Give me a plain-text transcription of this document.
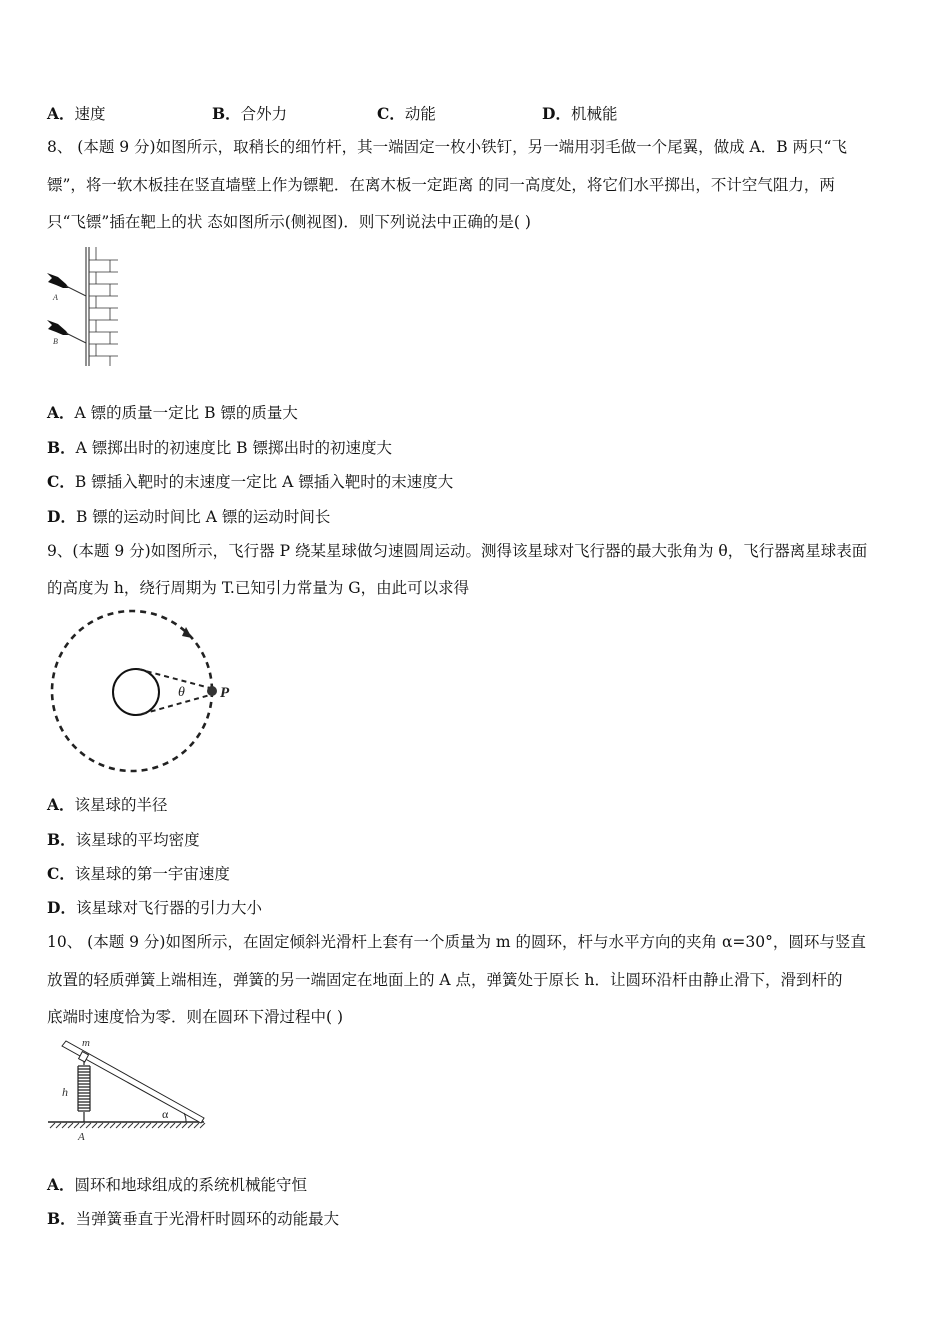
A．速度	B．合外力	C．动能	D．机械能
8、 (本题 9 分)如图所示，取稍长的细竹杆，其一端固定一枚小铁钉，另一端用羽毛做一个尾翼，做成 A．B 两只“飞
镖”，将一软木板挂在竖直墙壁上作为镖靶．在离木板一定距离 的同一高度处，将它们水平掷出，不计空气阻力，两
只“飞镖”插在靶上的状 态如图所示(侧视图)．则下列说法中正确的是( )
A
B
A．A 镖的质量一定比 B 镖的质量大
B．A 镖掷出时的初速度比 B 镖掷出时的初速度大
C．B 镖插入靶时的末速度一定比 A 镖插入靶时的末速度大
D．B 镖的运动时间比 A 镖的运动时间长
9、(本题 9 分)如图所示，飞行器 P 绕某星球做匀速圆周运动。测得该星球对飞行器的最大张角为 θ，飞行器离星球表面
的高度为 h，绕行周期为 T.已知引力常量为 G，由此可以求得
θ P
A．该星球的半径
B．该星球的平均密度
C．该星球的第一宇宙速度
D．该星球对飞行器的引力大小
10、 (本题 9 分)如图所示，在固定倾斜光滑杆上套有一个质量为 m 的圆环，杆与水平方向的夹角 α=30°，圆环与竖直
放置的轻质弹簧上端相连，弹簧的另一端固定在地面上的 A 点，弹簧处于原长 h．让圆环沿杆由静止滑下，滑到杆的
底端时速度恰为零．则在圆环下滑过程中( )
m
h
α
A
A．圆环和地球组成的系统机械能守恒
B．当弹簧垂直于光滑杆时圆环的动能最大
